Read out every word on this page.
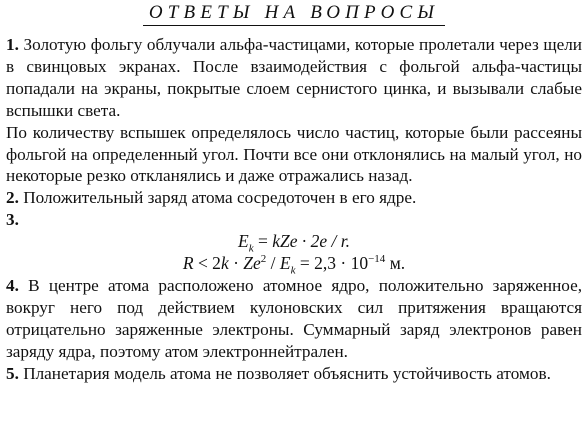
ОТВЕТЫ НА ВОПРОСЫ

1. Золотую фольгу облучали альфа-частицами, которые пролетали через щели в свинцовых экранах. После взаимодействия с фольгой альфа-частицы попадали на экраны, покрытые слоем сернистого цинка, и вызывали слабые вспышки света.

По количеству вспышек определялось число частиц, которые были рассеяны фольгой на определенный угол. Почти все они отклонялись на малый угол, но некоторые резко откланялись и даже отражались назад.

2. Положительный заряд атома сосредоточен в его ядре.

3.

$E_k$ = kZe · 2e / r.
$R < 2k \cdot Ze^2 / E_k = 2,3 \cdot 10^{-14}$ м.

4. В центре атома расположено атомное ядро, положительно заряженное, вокруг него под действием кулоновских сил притяжения вращаются отрицательно заряженные электроны. Суммарный заряд электронов равен заряду ядра, поэтому атом электроннейтрален.

5. Планетария модель атома не позволяет объяснить устойчивость атомов.
